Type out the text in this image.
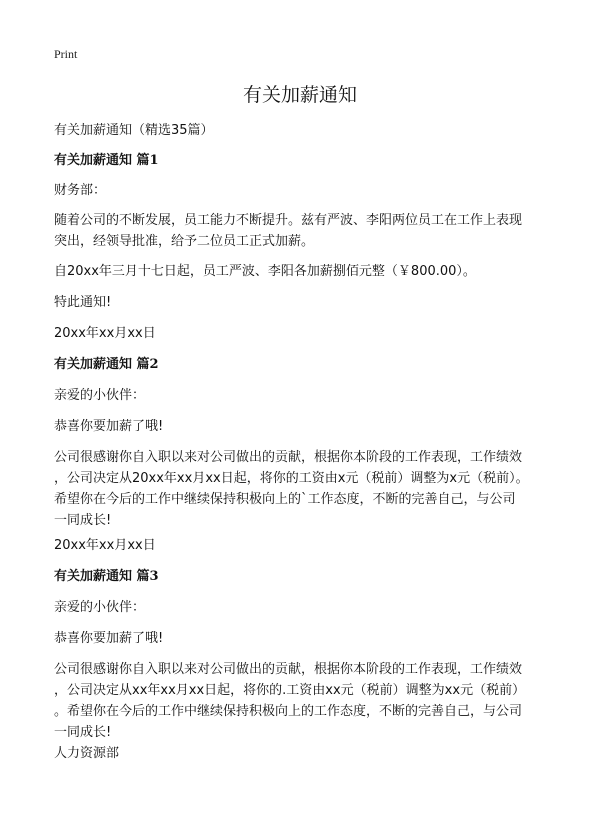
Print
有关加薪通知

有关加薪通知（精选35篇）

有关加薪通知 篇1

财务部：

随着公司的不断发展，员工能力不断提升。兹有严波、李阳两位员工在工作上表现
突出，经领导批准，给予二位员工正式加薪。

自20xx年三月十七日起，员工严波、李阳各加薪捌佰元整（￥800.00）。

特此通知!

20xx年xx月xx日

有关加薪通知 篇2

亲爱的小伙伴：

恭喜你要加薪了哦!

公司很感谢你自入职以来对公司做出的贡献，根据你本阶段的工作表现，工作绩效
，公司决定从20xx年xx月xx日起，将你的工资由x元（税前）调整为x元（税前）。
希望你在今后的工作中继续保持积极向上的`工作态度，不断的完善自己，与公司
一同成长!

20xx年xx月xx日

有关加薪通知 篇3

亲爱的小伙伴：

恭喜你要加薪了哦!

公司很感谢你自入职以来对公司做出的贡献，根据你本阶段的工作表现，工作绩效
，公司决定从xx年xx月xx日起，将你的.工资由xx元（税前）调整为xx元（税前）
。希望你在今后的工作中继续保持积极向上的工作态度，不断的完善自己，与公司
一同成长!

人力资源部
